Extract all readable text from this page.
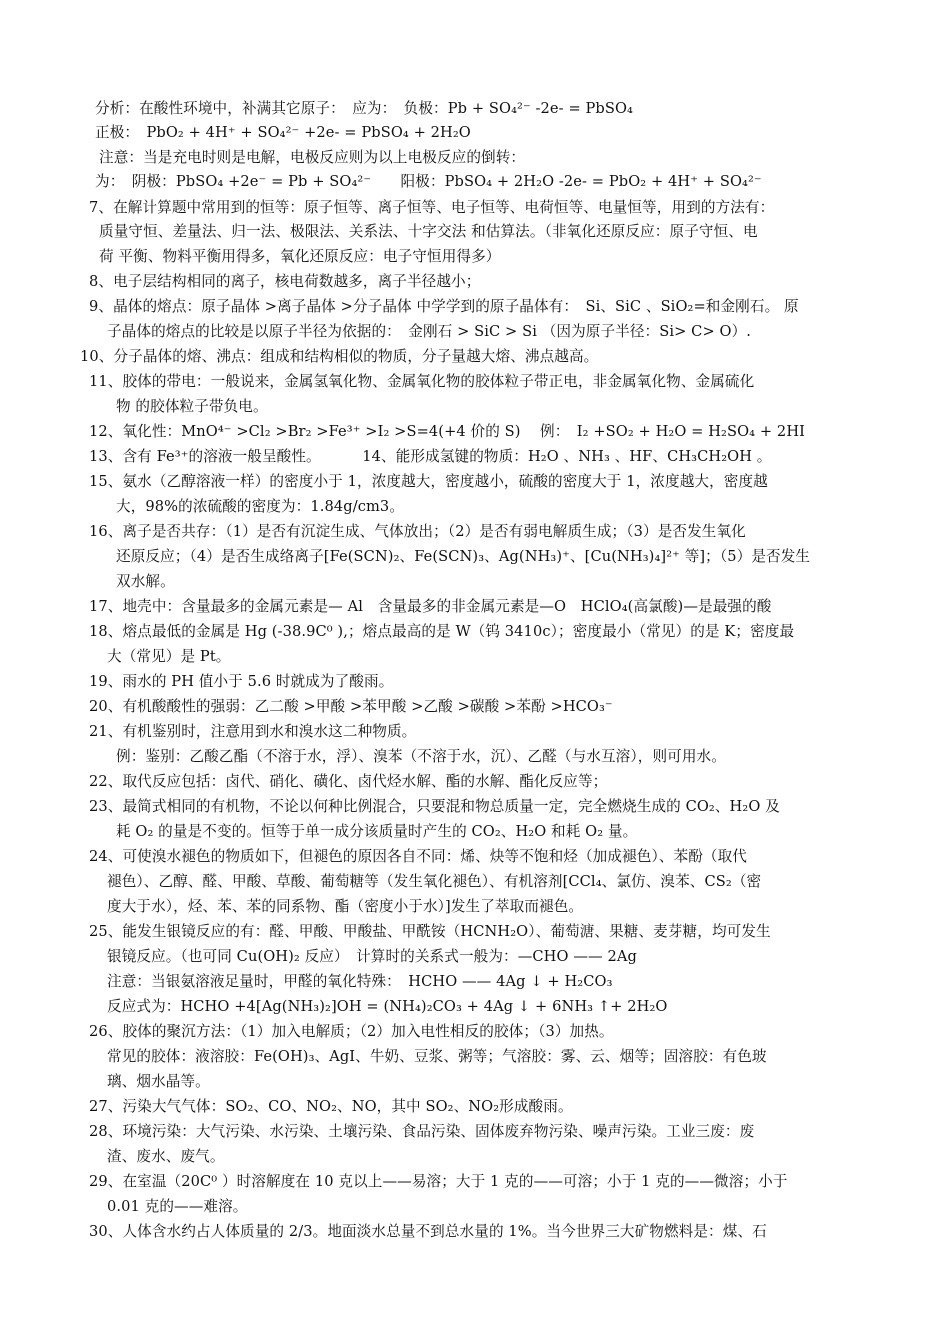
分析：在酸性环境中，补满其它原子：　应为：　负极：Pb + SO₄²⁻ -2e- = PbSO₄
正极：　PbO₂ + 4H⁺ + SO₄²⁻ +2e- = PbSO₄ + 2H₂O
注意：当是充电时则是电解，电极反应则为以上电极反应的倒转：
为：　阴极：PbSO₄ +2e⁻ = Pb + SO₄²⁻　　阳极：PbSO₄ + 2H₂O -2e- = PbO₂ + 4H⁺ + SO₄²⁻
7、在解计算题中常用到的恒等：原子恒等、离子恒等、电子恒等、电荷恒等、电量恒等，用到的方法有：
质量守恒、差量法、归一法、极限法、关系法、十字交法 和估算法。（非氧化还原反应：原子守恒、电
荷 平衡、物料平衡用得多，氧化还原反应：电子守恒用得多）
8、电子层结构相同的离子，核电荷数越多，离子半径越小；
9、晶体的熔点：原子晶体 >离子晶体 >分子晶体 中学学到的原子晶体有：　Si、SiC 、SiO₂=和金刚石。 原
子晶体的熔点的比较是以原子半径为依据的：　金刚石 > SiC > Si （因为原子半径：Si> C> O）.
10、分子晶体的熔、沸点：组成和结构相似的物质，分子量越大熔、沸点越高。
11、胶体的带电：一般说来，金属氢氧化物、金属氧化物的胶体粒子带正电，非金属氧化物、金属硫化
物 的胶体粒子带负电。
12、氧化性：MnO⁴⁻ >Cl₂ >Br₂ >Fe³⁺ >I₂ >S=4(+4 价的 S)　 例：　I₂ +SO₂ + H₂O = H₂SO₄ + 2HI
13、含有 Fe³⁺的溶液一般呈酸性。　　　 14、能形成氢键的物质：H₂O 、NH₃ 、HF、CH₃CH₂OH 。
15、氨水（乙醇溶液一样）的密度小于 1，浓度越大，密度越小，硫酸的密度大于 1，浓度越大，密度越
大，98%的浓硫酸的密度为：1.84g/cm3。
16、离子是否共存：（1）是否有沉淀生成、气体放出；（2）是否有弱电解质生成；（3）是否发生氧化
还原反应；（4）是否生成络离子[Fe(SCN)₂、Fe(SCN)₃、Ag(NH₃)⁺、[Cu(NH₃)₄]²⁺ 等]；（5）是否发生
双水解。
17、地壳中：含量最多的金属元素是— Al　含量最多的非金属元素是—O　HClO₄(高氯酸)—是最强的酸
18、熔点最低的金属是 Hg (-38.9C⁰ ),；熔点最高的是 W（钨 3410c）；密度最小（常见）的是 K；密度最
大（常见）是 Pt。
19、雨水的 PH 值小于 5.6 时就成为了酸雨。
20、有机酸酸性的强弱：乙二酸 >甲酸 >苯甲酸 >乙酸 >碳酸 >苯酚 >HCO₃⁻
21、有机鉴别时，注意用到水和溴水这二种物质。
例：鉴别：乙酸乙酯（不溶于水，浮）、溴苯（不溶于水，沉）、乙醛（与水互溶），则可用水。
22、取代反应包括：卤代、硝化、磺化、卤代烃水解、酯的水解、酯化反应等；
23、最简式相同的有机物，不论以何种比例混合，只要混和物总质量一定，完全燃烧生成的 CO₂、H₂O 及
耗 O₂ 的量是不变的。恒等于单一成分该质量时产生的 CO₂、H₂O 和耗 O₂ 量。
24、可使溴水褪色的物质如下，但褪色的原因各自不同：烯、炔等不饱和烃（加成褪色）、苯酚（取代
褪色）、乙醇、醛、甲酸、草酸、葡萄糖等（发生氧化褪色）、有机溶剂[CCl₄、氯仿、溴苯、CS₂（密
度大于水），烃、苯、苯的同系物、酯（密度小于水）]发生了萃取而褪色。
25、能发生银镜反应的有：醛、甲酸、甲酸盐、甲酰铵（HCNH₂O）、葡萄溏、果糖、麦芽糖，均可发生
银镜反应。（也可同 Cu(OH)₂ 反应）　计算时的关系式一般为：—CHO —— 2Ag
注意：当银氨溶液足量时，甲醛的氧化特殊：　HCHO —— 4Ag ↓ + H₂CO₃
反应式为：HCHO +4[Ag(NH₃)₂]OH = (NH₄)₂CO₃ + 4Ag ↓ + 6NH₃ ↑+ 2H₂O
26、胶体的聚沉方法：（1）加入电解质；（2）加入电性相反的胶体；（3）加热。
常见的胶体：液溶胶：Fe(OH)₃、AgI、牛奶、豆浆、粥等；气溶胶：雾、云、烟等；固溶胶：有色玻
璃、烟水晶等。
27、污染大气气体：SO₂、CO、NO₂、NO，其中 SO₂、NO₂形成酸雨。
28、环境污染：大气污染、水污染、土壤污染、食品污染、固体废弃物污染、噪声污染。工业三废：废
渣、废水、废气。
29、在室温（20C⁰ ）时溶解度在 10 克以上——易溶；大于 1 克的——可溶；小于 1 克的——微溶；小于
0.01 克的——难溶。
30、人体含水约占人体质量的 2/3。地面淡水总量不到总水量的 1%。当今世界三大矿物燃料是：煤、石
